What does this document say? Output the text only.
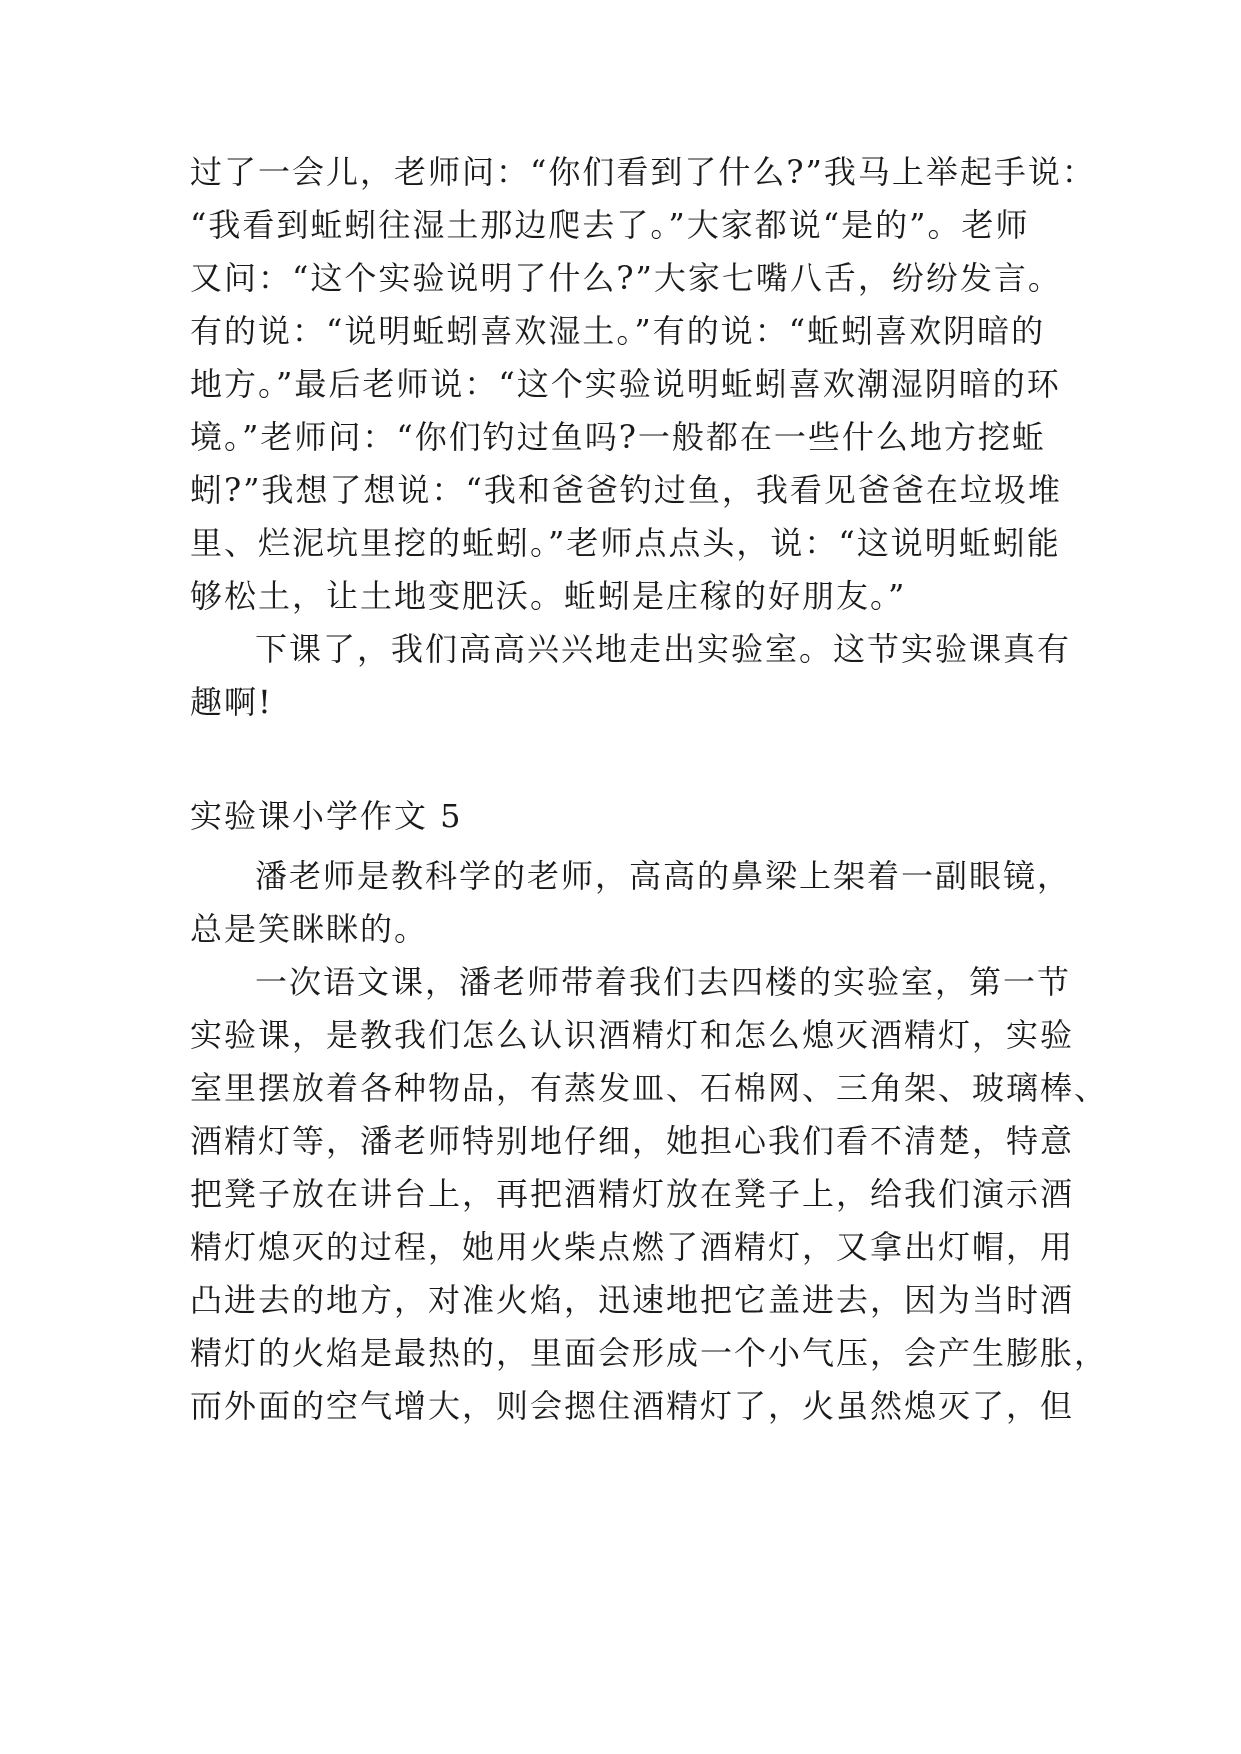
过了一会儿，老师问：“你们看到了什么?”我马上举起手说：
“我看到蚯蚓往湿土那边爬去了。”大家都说“是的”。老师
又问：“这个实验说明了什么?”大家七嘴八舌，纷纷发言。
有的说：“说明蚯蚓喜欢湿土。”有的说：“蚯蚓喜欢阴暗的
地方。”最后老师说：“这个实验说明蚯蚓喜欢潮湿阴暗的环
境。”老师问：“你们钓过鱼吗?一般都在一些什么地方挖蚯
蚓?”我想了想说：“我和爸爸钓过鱼，我看见爸爸在垃圾堆
里、烂泥坑里挖的蚯蚓。”老师点点头，说：“这说明蚯蚓能
够松土，让土地变肥沃。蚯蚓是庄稼的好朋友。”
下课了，我们高高兴兴地走出实验室。这节实验课真有
趣啊!
实验课小学作文 5
潘老师是教科学的老师，高高的鼻梁上架着一副眼镜，
总是笑眯眯的。
一次语文课，潘老师带着我们去四楼的实验室，第一节
实验课，是教我们怎么认识酒精灯和怎么熄灭酒精灯，实验
室里摆放着各种物品，有蒸发皿、石棉网、三角架、玻璃棒、
酒精灯等，潘老师特别地仔细，她担心我们看不清楚，特意
把凳子放在讲台上，再把酒精灯放在凳子上，给我们演示酒
精灯熄灭的过程，她用火柴点燃了酒精灯，又拿出灯帽，用
凸进去的地方，对准火焰，迅速地把它盖进去，因为当时酒
精灯的火焰是最热的，里面会形成一个小气压，会产生膨胀，
而外面的空气增大，则会摁住酒精灯了，火虽然熄灭了，但
